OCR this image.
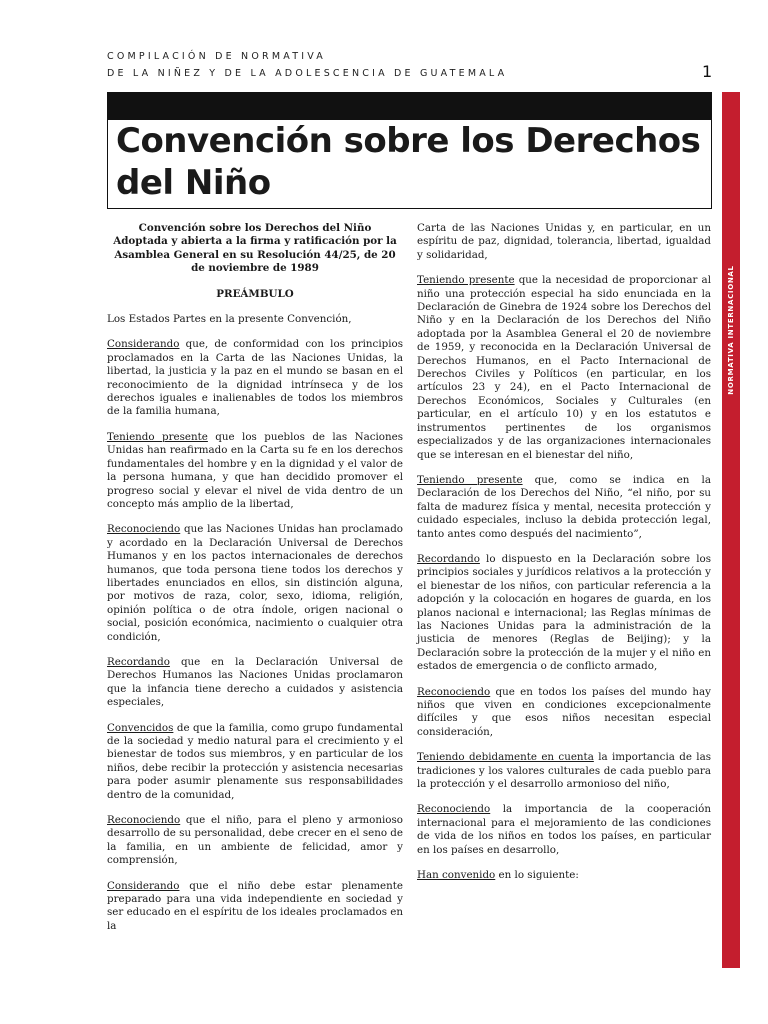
COMPILACIÓN DE NORMATIVA
DE LA NIÑEZ Y DE LA ADOLESCENCIA DE GUATEMALA	1
NORMATIVA INTERNACIONAL
Convención sobre los Derechos
del Niño

Convención sobre los Derechos del Niño
Adoptada y abierta a la firma y ratificación por la Asamblea General en su Resolución 44/25, de 20 de noviembre de 1989

PREÁMBULO

Los Estados Partes en la presente Convención,

Considerando que, de conformidad con los principios proclamados en la Carta de las Naciones Unidas, la libertad, la justicia y la paz en el mundo se basan en el reconocimiento de la dignidad intrínseca y de los derechos iguales e inalienables de todos los miembros de la familia humana,

Teniendo presente que los pueblos de las Naciones Unidas han reafirmado en la Carta su fe en los derechos fundamentales del hombre y en la dignidad y el valor de la persona humana, y que han decidido promover el progreso social y elevar el nivel de vida dentro de un concepto más amplio de la libertad,

Reconociendo que las Naciones Unidas han proclamado y acordado en la Declaración Universal de Derechos Humanos y en los pactos internacionales de derechos humanos, que toda persona tiene todos los derechos y libertades enunciados en ellos, sin distinción alguna, por motivos de raza, color, sexo, idioma, religión, opinión política o de otra índole, origen nacional o social, posición económica, nacimiento o cualquier otra condición,

Recordando que en la Declaración Universal de Derechos Humanos las Naciones Unidas proclamaron que la infancia tiene derecho a cuidados y asistencia especiales,

Convencidos de que la familia, como grupo fundamental de la sociedad y medio natural para el crecimiento y el bienestar de todos sus miembros, y en particular de los niños, debe recibir la protección y asistencia necesarias para poder asumir plenamente sus responsabilidades dentro de la comunidad,

Reconociendo que el niño, para el pleno y armonioso desarrollo de su personalidad, debe crecer en el seno de la familia, en un ambiente de felicidad, amor y comprensión,

Considerando que el niño debe estar plenamente preparado para una vida independiente en sociedad y ser educado en el espíritu de los ideales proclamados en la

Carta de las Naciones Unidas y, en particular, en un espíritu de paz, dignidad, tolerancia, libertad, igualdad y solidaridad,

Teniendo presente que la necesidad de proporcionar al niño una protección especial ha sido enunciada en la Declaración de Ginebra de 1924 sobre los Derechos del Niño y en la Declaración de los Derechos del Niño adoptada por la Asamblea General el 20 de noviembre de 1959, y reconocida en la Declaración Universal de Derechos Humanos, en el Pacto Internacional de Derechos Civiles y Políticos (en particular, en los artículos 23 y 24), en el Pacto Internacional de Derechos Económicos, Sociales y Culturales (en particular, en el artículo 10) y en los estatutos e instrumentos pertinentes de los organismos especializados y de las organizaciones internacionales que se interesan en el bienestar del niño,

Teniendo presente que, como se indica en la Declaración de los Derechos del Niño, “el niño, por su falta de madurez física y mental, necesita protección y cuidado especiales, incluso la debida protección legal, tanto antes como después del nacimiento”,

Recordando lo dispuesto en la Declaración sobre los principios sociales y jurídicos relativos a la protección y el bienestar de los niños, con particular referencia a la adopción y la colocación en hogares de guarda, en los planos nacional e internacional; las Reglas mínimas de las Naciones Unidas para la administración de la justicia de menores (Reglas de Beijing); y la Declaración sobre la protección de la mujer y el niño en estados de emergencia o de conflicto armado,

Reconociendo que en todos los países del mundo hay niños que viven en condiciones excepcionalmente difíciles y que esos niños necesitan especial consideración,

Teniendo debidamente en cuenta la importancia de las tradiciones y los valores culturales de cada pueblo para la protección y el desarrollo armonioso del niño,

Reconociendo la importancia de la cooperación internacional para el mejoramiento de las condiciones de vida de los niños en todos los países, en particular en los países en desarrollo,

Han convenido en lo siguiente:
